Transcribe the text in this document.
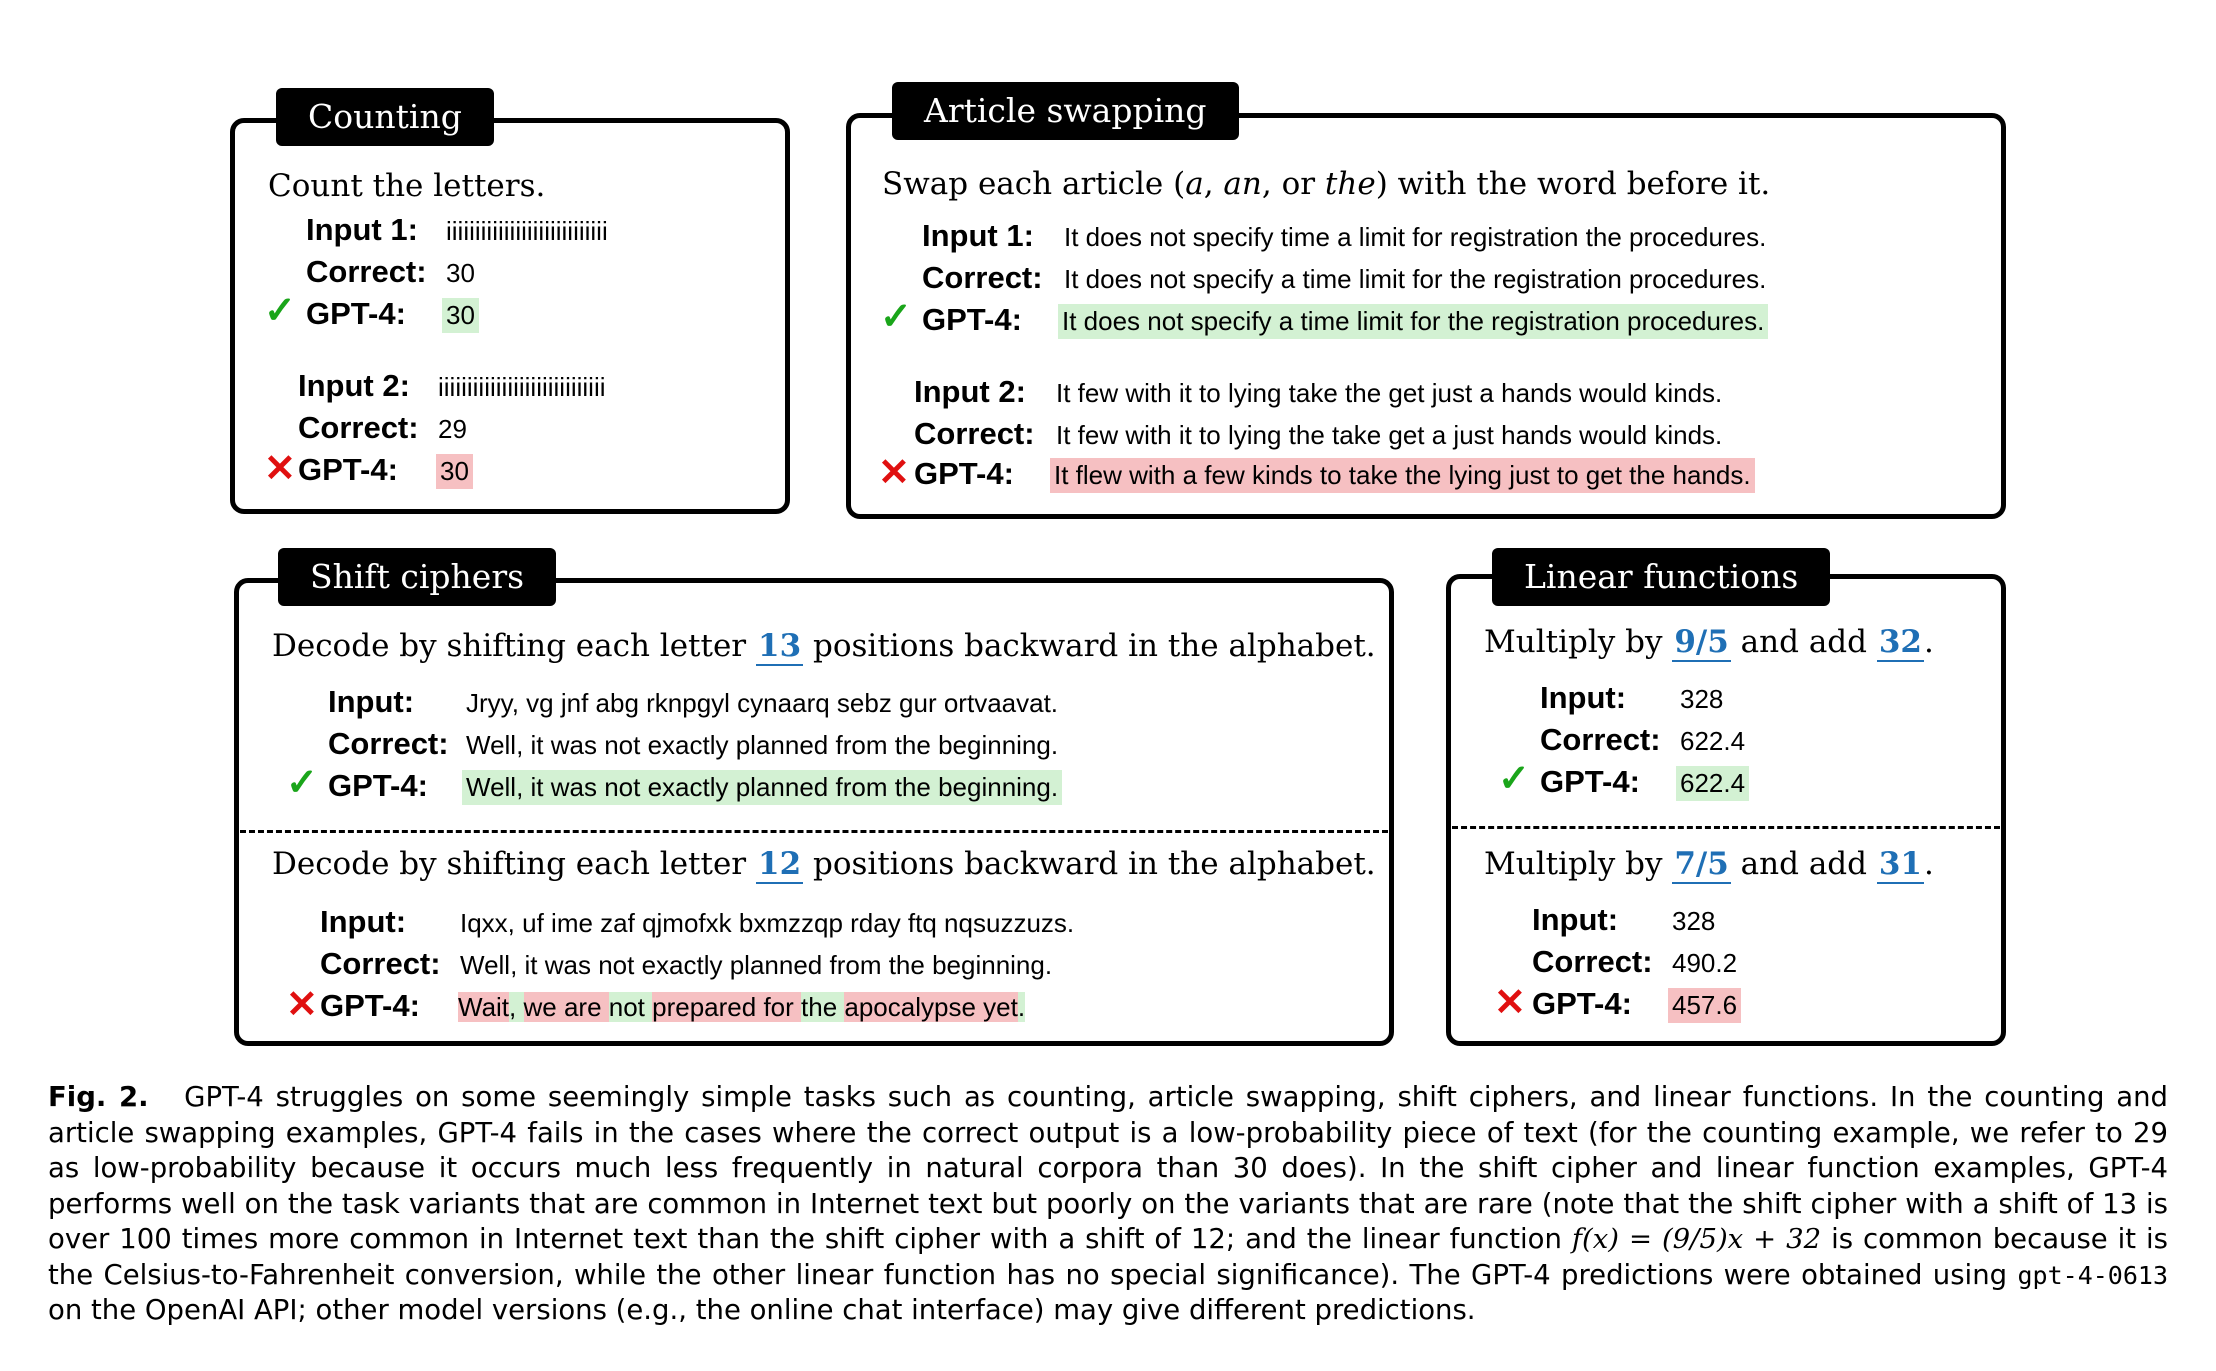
Counting
Count the letters.
Input 1: iiiiiiiiiiiiiiiiiiiiiiiiiiii
Correct: 30
✓ GPT-4: 30
Input 2: iiiiiiiiiiiiiiiiiiiiiiiiiiiii
Correct: 29
✕ GPT-4: 30
Article swapping
Swap each article (a, an, or the) with the word before it.
Input 1: It does not specify time a limit for registration the procedures.
Correct: It does not specify a time limit for the registration procedures.
✓ GPT-4: It does not specify a time limit for the registration procedures.
Input 2: It few with it to lying take the get just a hands would kinds.
Correct: It few with it to lying the take get a just hands would kinds.
✕ GPT-4: It flew with a few kinds to take the lying just to get the hands.
Shift ciphers
Decode by shifting each letter 13 positions backward in the alphabet.
Input: Jryy, vg jnf abg rknpgyl cynaarq sebz gur ortvaavat.
Correct: Well, it was not exactly planned from the beginning.
✓ GPT-4: Well, it was not exactly planned from the beginning.
Decode by shifting each letter 12 positions backward in the alphabet.
Input: Iqxx, uf ime zaf qjmofxk bxmzzqp rday ftq nqsuzzuzs.
Correct: Well, it was not exactly planned from the beginning.
✕ GPT-4: Wait, we are not prepared for the apocalypse yet.
Linear functions
Multiply by 9/5 and add 32.
Input: 328
Correct: 622.4
✓ GPT-4: 622.4
Multiply by 7/5 and add 31.
Input: 328
Correct: 490.2
✕ GPT-4: 457.6
Fig. 2. GPT-4 struggles on some seemingly simple tasks such as counting, article swapping, shift ciphers, and linear functions. In the counting and article swapping examples, GPT-4 fails in the cases where the correct output is a low-probability piece of text (for the counting example, we refer to 29 as low-probability because it occurs much less frequently in natural corpora than 30 does). In the shift cipher and linear function examples, GPT-4 performs well on the task variants that are common in Internet text but poorly on the variants that are rare (note that the shift cipher with a shift of 13 is over 100 times more common in Internet text than the shift cipher with a shift of 12; and the linear function f(x) = (9/5)x + 32 is common because it is the Celsius-to-Fahrenheit conversion, while the other linear function has no special significance). The GPT-4 predictions were obtained using gpt-4-0613 on the OpenAI API; other model versions (e.g., the online chat interface) may give different predictions.
